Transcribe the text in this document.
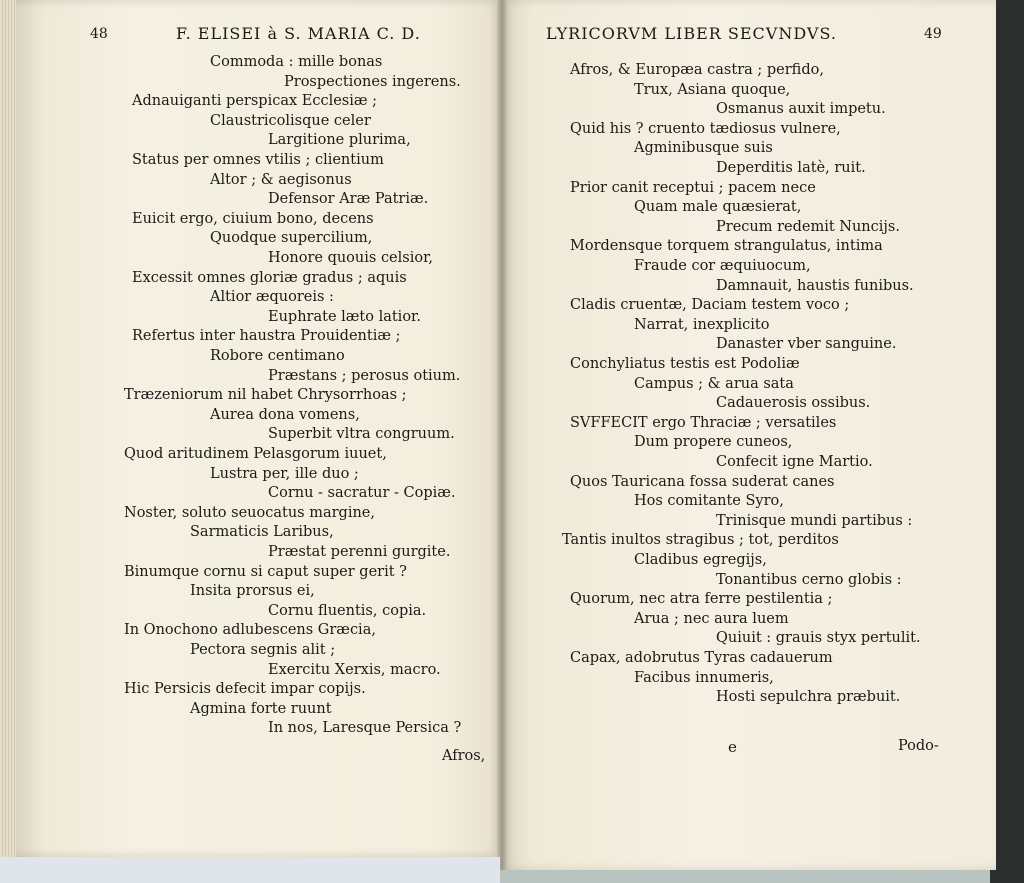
48	F. ELISEI à S. MARIA C. D.
Commoda : mille bonas
Prospectiones ingerens.
Adnauiganti perspicax Ecclesiæ ;
Claustricolisque celer
Largitione plurima,
Status per omnes vtilis ; clientium
Altor ; & aegisonus
Defensor Aræ Patriæ.
Euicit ergo, ciuium bono, decens
Quodque supercilium,
Honore quouis celsior,
Excessit omnes gloriæ gradus ; aquis
Altior æquoreis :
Euphrate læto latior.
Refertus inter haustra Prouidentiæ ;
Robore centimano
Præstans ; perosus otium.
Træzeniorum nil habet Chrysorrhoas ;
Aurea dona vomens,
Superbit vltra congruum.
Quod aritudinem Pelasgorum iuuet,
Lustra per, ille duo ;
Cornu - sacratur - Copiæ.
Noster, soluto seuocatus margine,
Sarmaticis Laribus,
Præstat perenni gurgite.
Binumque cornu si caput super gerit ?
Insita prorsus ei,
Cornu fluentis, copia.
In Onochono adlubescens Græcia,
Pectora segnis alit ;
Exercitu Xerxis, macro.
Hic Persicis defecit impar copijs.
Agmina forte ruunt
In nos, Laresque Persica ?
Afros,
LYRICORVM LIBER SECVNDVS.	49
Afros, & Europæa castra ; perfido,
Trux, Asiana quoque,
Osmanus auxit impetu.
Quid his ? cruento tædiosus vulnere,
Agminibusque suis
Deperditis latè, ruit.
Prior canit receptui ; pacem nece
Quam male quæsierat,
Precum redemit Nuncijs.
Mordensque torquem strangulatus, intima
Fraude cor æquiuocum,
Damnauit, haustis funibus.
Cladis cruentæ, Daciam testem voco ;
Narrat, inexplicito
Danaster vber sanguine.
Conchyliatus testis est Podoliæ
Campus ; & arua sata
Cadauerosis ossibus.
SVFFECIT ergo Thraciæ ; versatiles
Dum propere cuneos,
Confecit igne Martio.
Quos Tauricana fossa suderat canes
Hos comitante Syro,
Trinisque mundi partibus :
Tantis inultos stragibus ; tot, perditos
Cladibus egregijs,
Tonantibus cerno globis :
Quorum, nec atra ferre pestilentia ;
Arua ; nec aura luem
Quiuit : grauis styx pertulit.
Capax, adobrutus Tyras cadauerum
Facibus innumeris,
Hosti sepulchra præbuit.
e	Podo-
